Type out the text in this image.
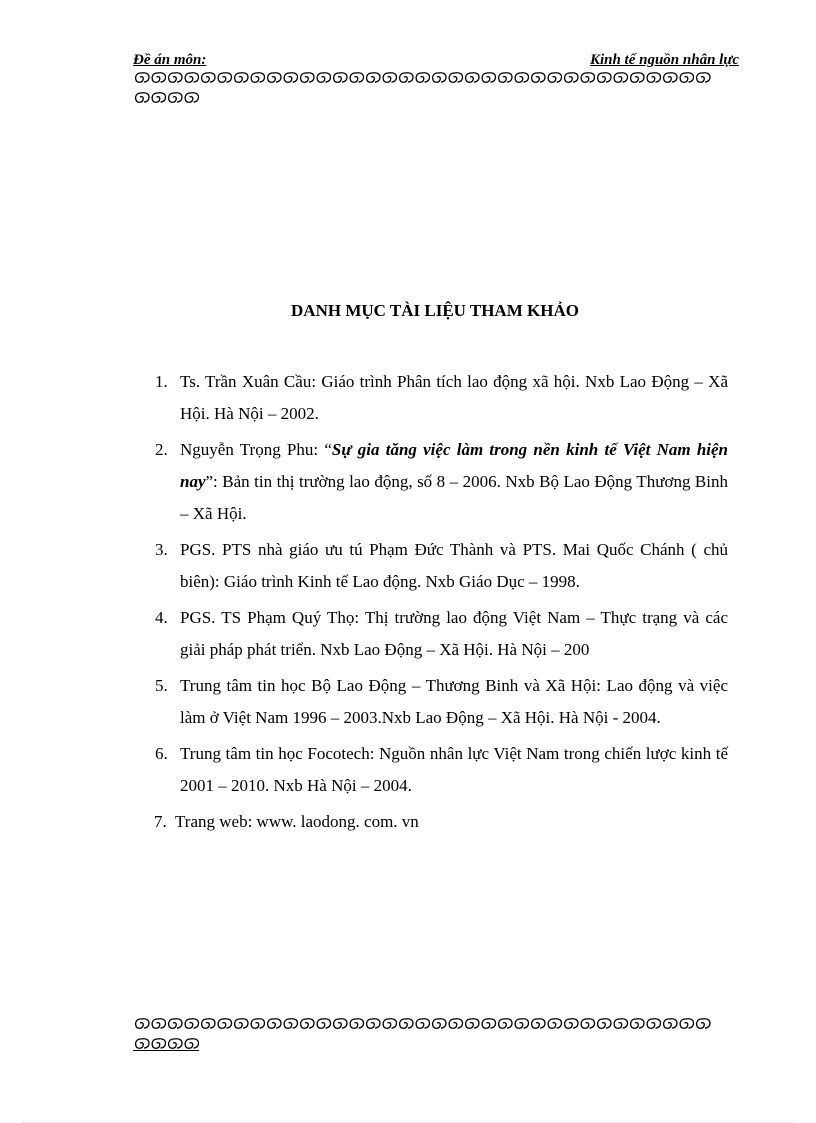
Đề án môn:	Kinh tế nguồn nhân lực
DANH MỤC TÀI LIỆU THAM KHẢO
1. Ts. Trần Xuân Cầu: Giáo trình Phân tích lao động xã hội. Nxb Lao Động – Xã Hội. Hà Nội – 2002.
2. Nguyễn Trọng Phu: “Sự gia tăng việc làm trong nền kinh tế Việt Nam hiện nay”: Bản tin thị trường lao động, số 8 – 2006. Nxb Bộ Lao Động Thương Binh – Xã Hội.
3. PGS. PTS nhà giáo ưu tú Phạm Đức Thành và PTS. Mai Quốc Chánh ( chủ biên): Giáo trình Kinh tế Lao động. Nxb Giáo Dục – 1998.
4. PGS. TS Phạm Quý Thọ: Thị trường lao động Việt Nam – Thực trạng và các giải pháp phát triển. Nxb Lao Động – Xã Hội. Hà Nội – 200
5. Trung tâm tin học Bộ Lao Động – Thương Binh và Xã Hội: Lao động và việc làm ở Việt Nam 1996 – 2003.Nxb Lao Động – Xã Hội. Hà Nội - 2004.
6. Trung tâm tin học Focotech: Nguồn nhân lực Việt Nam trong chiến lược kinh tế 2001 – 2010. Nxb Hà Nội – 2004.
7. Trang web: www. laodong. com. vn
